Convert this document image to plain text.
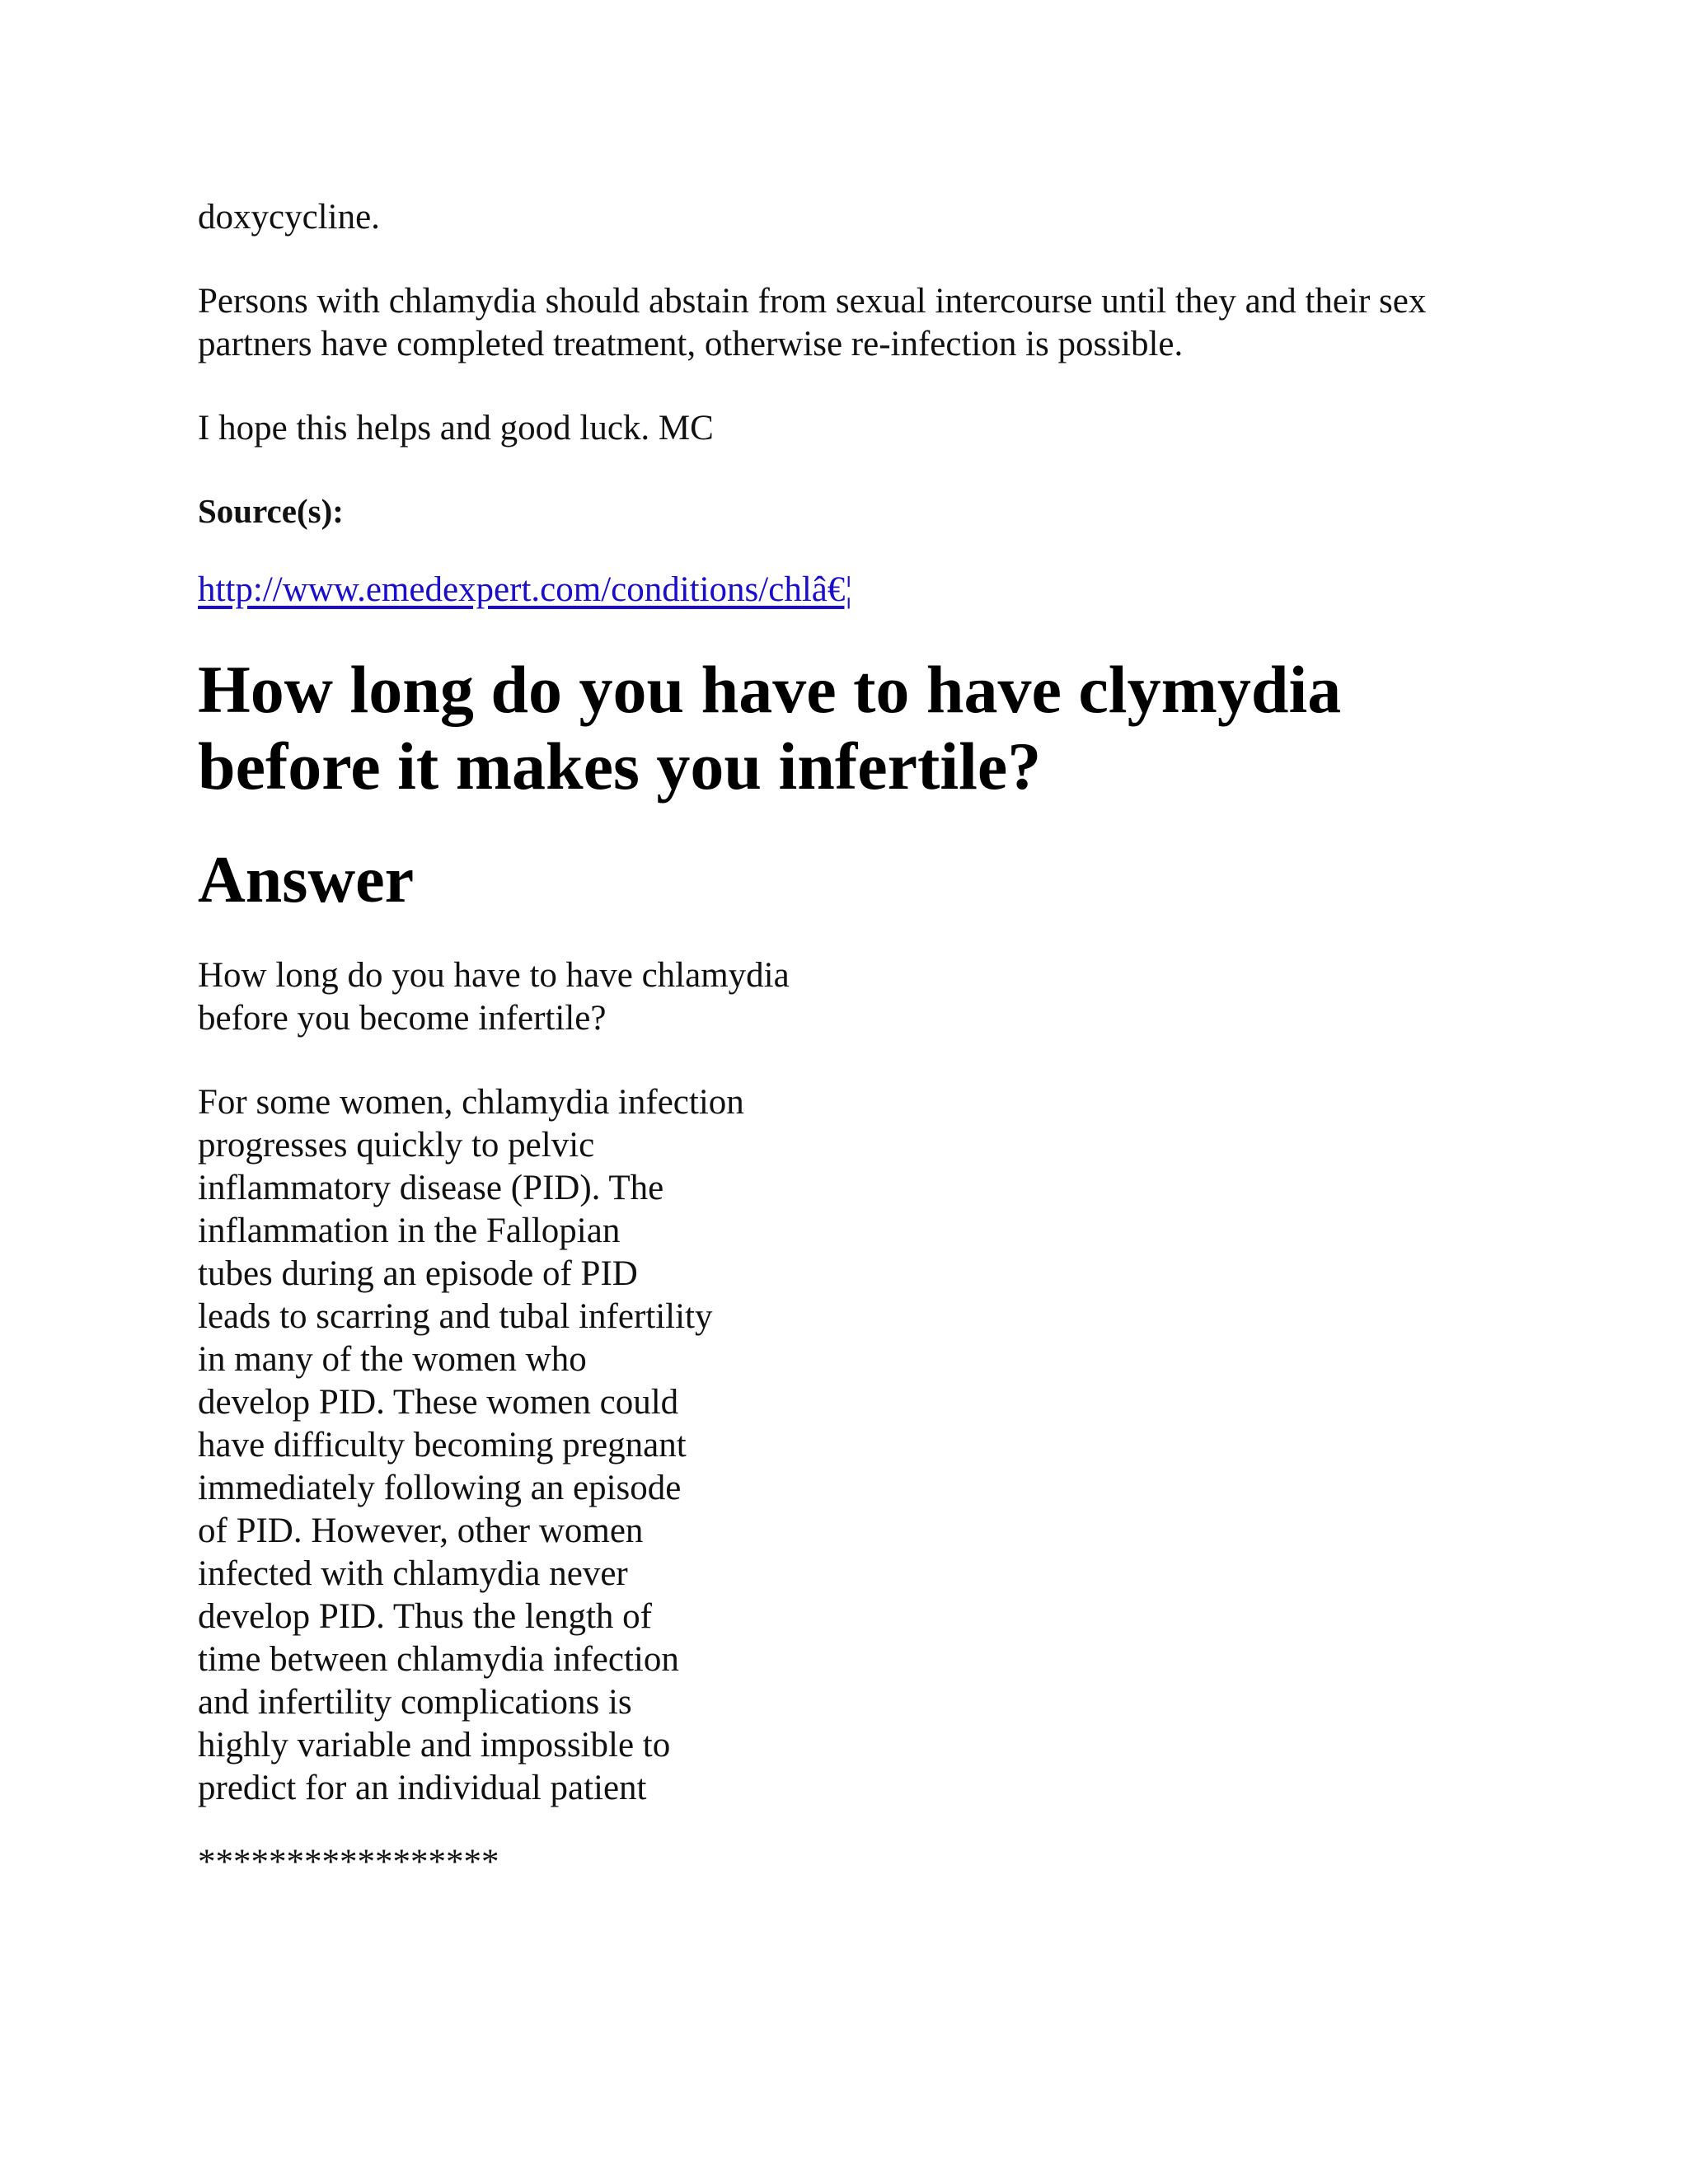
doxycycline.

Persons with chlamydia should abstain from sexual intercourse until they and their sex
partners have completed treatment, otherwise re-infection is possible.

I hope this helps and good luck. MC

Source(s):

http://www.emedexpert.com/conditions/chlâ€¦
How long do you have to have clymydia
before it makes you infertile?
Answer

How long do you have to have chlamydia
before you become infertile?

For some women, chlamydia infection
progresses quickly to pelvic
inflammatory disease (PID). The
inflammation in the Fallopian
tubes during an episode of PID
leads to scarring and tubal infertility
in many of the women who
develop PID. These women could
have difficulty becoming pregnant
immediately following an episode
of PID. However, other women
infected with chlamydia never
develop PID. Thus the length of
time between chlamydia infection
and infertility complications is
highly variable and impossible to
predict for an individual patient

*****************
